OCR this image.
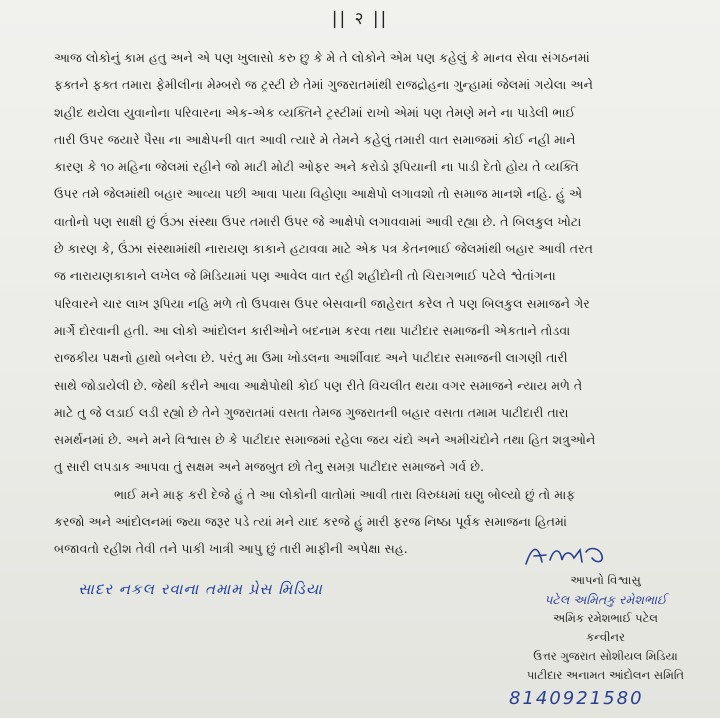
|| २ ||
આજ લોકોનું કામ હતુ અને એ પણ ખુલાસો કરુ છુ કે મે તે લોકોને એમ પણ કહેલું કે માનવ સેવા સંગઠનમાં
ફક્તને ફક્ત તમારા ફેમીલીના મેમ્બરો જ ટ્રસ્ટી છે તેમાં ગુજરાતમાંથી રાજદ્રોહના ગુન્હામાં જેલમાં ગયેલા અને
શહીદ થયેલા યુવાનોના પરિવારના એક-એક વ્યક્તિને ટ્રસ્ટીમાં રાખો એમાં પણ તેમણે મને ના પાડેલી ભાઈ
તારી ઉપર જયારે પૈસા ના આક્ષેપની વાત આવી ત્યારે મે તેમને કહેલું તમારી વાત સમાજમાં કોઈ નહી માને
કારણ કે ૧૦ મહિના જેલમાં રહીને જો માટી મોટી ઓફર અને કરોડો રૂપિયાની ના પાડી દેતો હોય તે વ્યક્તિ
ઉપર તમે જેલમાંથી બહાર આવ્યા પછી આવા પાયા વિહોણા આક્ષેપો લગાવશો તો સમાજ માનશે નહિ. હું એ
વાતોનો પણ સાક્ષી છું ઉંઝા સંસ્થા ઉપર તમારી ઉપર જે આક્ષેપો લગાવવામાં આવી રહ્યા છે. તે બિલકુલ ખોટા
છે કારણ કે, ઉંઝા સંસ્થામાંથી નારાયણ કાકાને હટાવવા માટે એક પત્ર કેતનભાઈ જેલમાંથી બહાર આવી તરત
જ નારાયણકાકાને લખેલ જે મિડિયામાં પણ આવેલ વાત રહી શહીદોની તો ચિરાગભાઈ પટેલે શ્વેતાંગના
પરિવારને ચાર લાખ રૂપિયા નહિ મળે તો ઉપવાસ ઉપર બેસવાની જાહેરાત કરેલ તે પણ બિલકુલ સમાજને ગેર
માર્ગે દોરવાની હતી. આ લોકો આંદોલન કારીઓને બદનામ કરવા તથા પાટીદાર સમાજની એકતાને તોડવા
રાજકીય પક્ષનો હાથો બનેલા છે. પરંતુ મા ઉમા ખોડલના આર્શીવાદ અને પાટીદાર સમાજની લાગણી તારી
સાથે જોડાયેલી છે. જેથી કરીને આવા આક્ષેપોથી કોઈ પણ રીતે વિચલીત થયા વગર સમાજને ન્યાય મળે તે
માટે તુ જે લડાઈ લડી રહ્યો છે તેને ગુજરાતમાં વસતા તેમજ ગુજરાતની બહાર વસતા તમામ પાટીદારી તારા
સમર્થનમાં છે. અને મને વિશ્વાસ છે કે પાટીદાર સમાજમાં રહેલા જય ચંદો અને અમીચંદોને તથા હિત શત્રુઓને
તુ સારી લપડાક આપવા તું સક્ષમ અને મજબુત છો તેનુ સમગ્ર પાટીદાર સમાજને ગર્વ છે.
ભાઈ મને માફ કરી દેજે હું તે આ લોકોની વાતોમાં આવી તારા વિરુધ્ધમાં ઘણુ બોલ્યો છું તો માફ
કરજો અને આંદોલનમાં જ્યા જરૂર પડે ત્યાં મને યાદ કરજે હું મારી ફરજ નિષ્ઠા પૂર્વક સમાજના હિતમાં
બજાવતો રહીશ તેવી તને પાકી ખાત્રી આપુ છું તારી માફીની અપેક્ષા સહ.
સાદર નકલ રવાના તમામ પ્રેસ મિડિયા	આપનો વિશ્વાસુ
પટેલ અમિતકુ રમેશભાઈ
અમિક રમેશભાઈ પટેલ
કન્વીનર
ઉત્તર ગુજરાત સોશીયલ મિડિયા
પાટીદાર અનામત આંદોલન સમિતિ
8140921580
